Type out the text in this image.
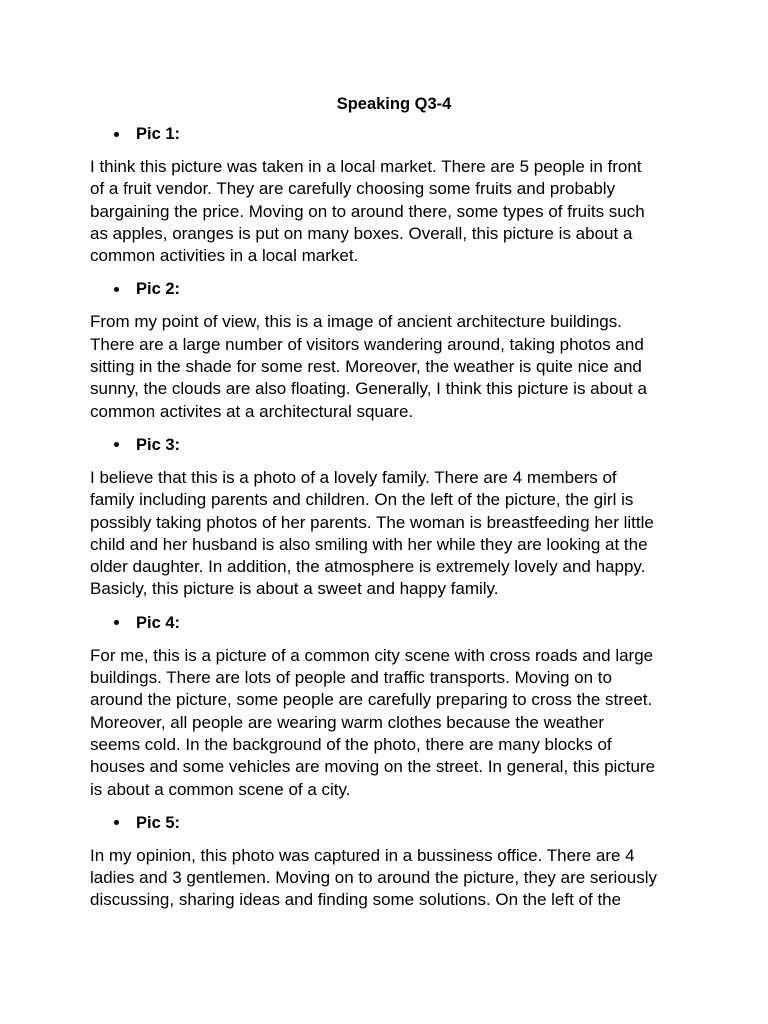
Speaking Q3-4
Pic 1:
I think this picture was taken in a local market. There are 5 people in front
of a fruit vendor. They are carefully choosing some fruits and probably
bargaining the price. Moving on to around there, some types of fruits such
as apples, oranges is put on many boxes. Overall, this picture is about a
common activities in a local market.
Pic 2:
From my point of view, this is a image of ancient architecture buildings.
There are a large number of visitors wandering around, taking photos and
sitting in the shade for some rest. Moreover, the weather is quite nice and
sunny, the clouds are also floating. Generally, I think this picture is about a
common activites at a architectural square.
Pic 3:
I believe that this is a photo of a lovely family. There are 4 members of
family including parents and children. On the left of the picture, the girl is
possibly taking photos of her parents. The woman is breastfeeding her little
child and her husband is also smiling with her while they are looking at the
older daughter. In addition, the atmosphere is extremely lovely and happy.
Basicly, this picture is about a sweet and happy family.
Pic 4:
For me, this is a picture of a common city scene with cross roads and large
buildings. There are lots of people and traffic transports. Moving on to
around the picture, some people are carefully preparing to cross the street.
Moreover, all people are wearing warm clothes because the weather
seems cold. In the background of the photo, there are many blocks of
houses and some vehicles are moving on the street. In general, this picture
is about a common scene of a city.
Pic 5:
In my opinion, this photo was captured in a bussiness office. There are 4
ladies and 3 gentlemen. Moving on to around the picture, they are seriously
discussing, sharing ideas and finding some solutions. On the left of the
